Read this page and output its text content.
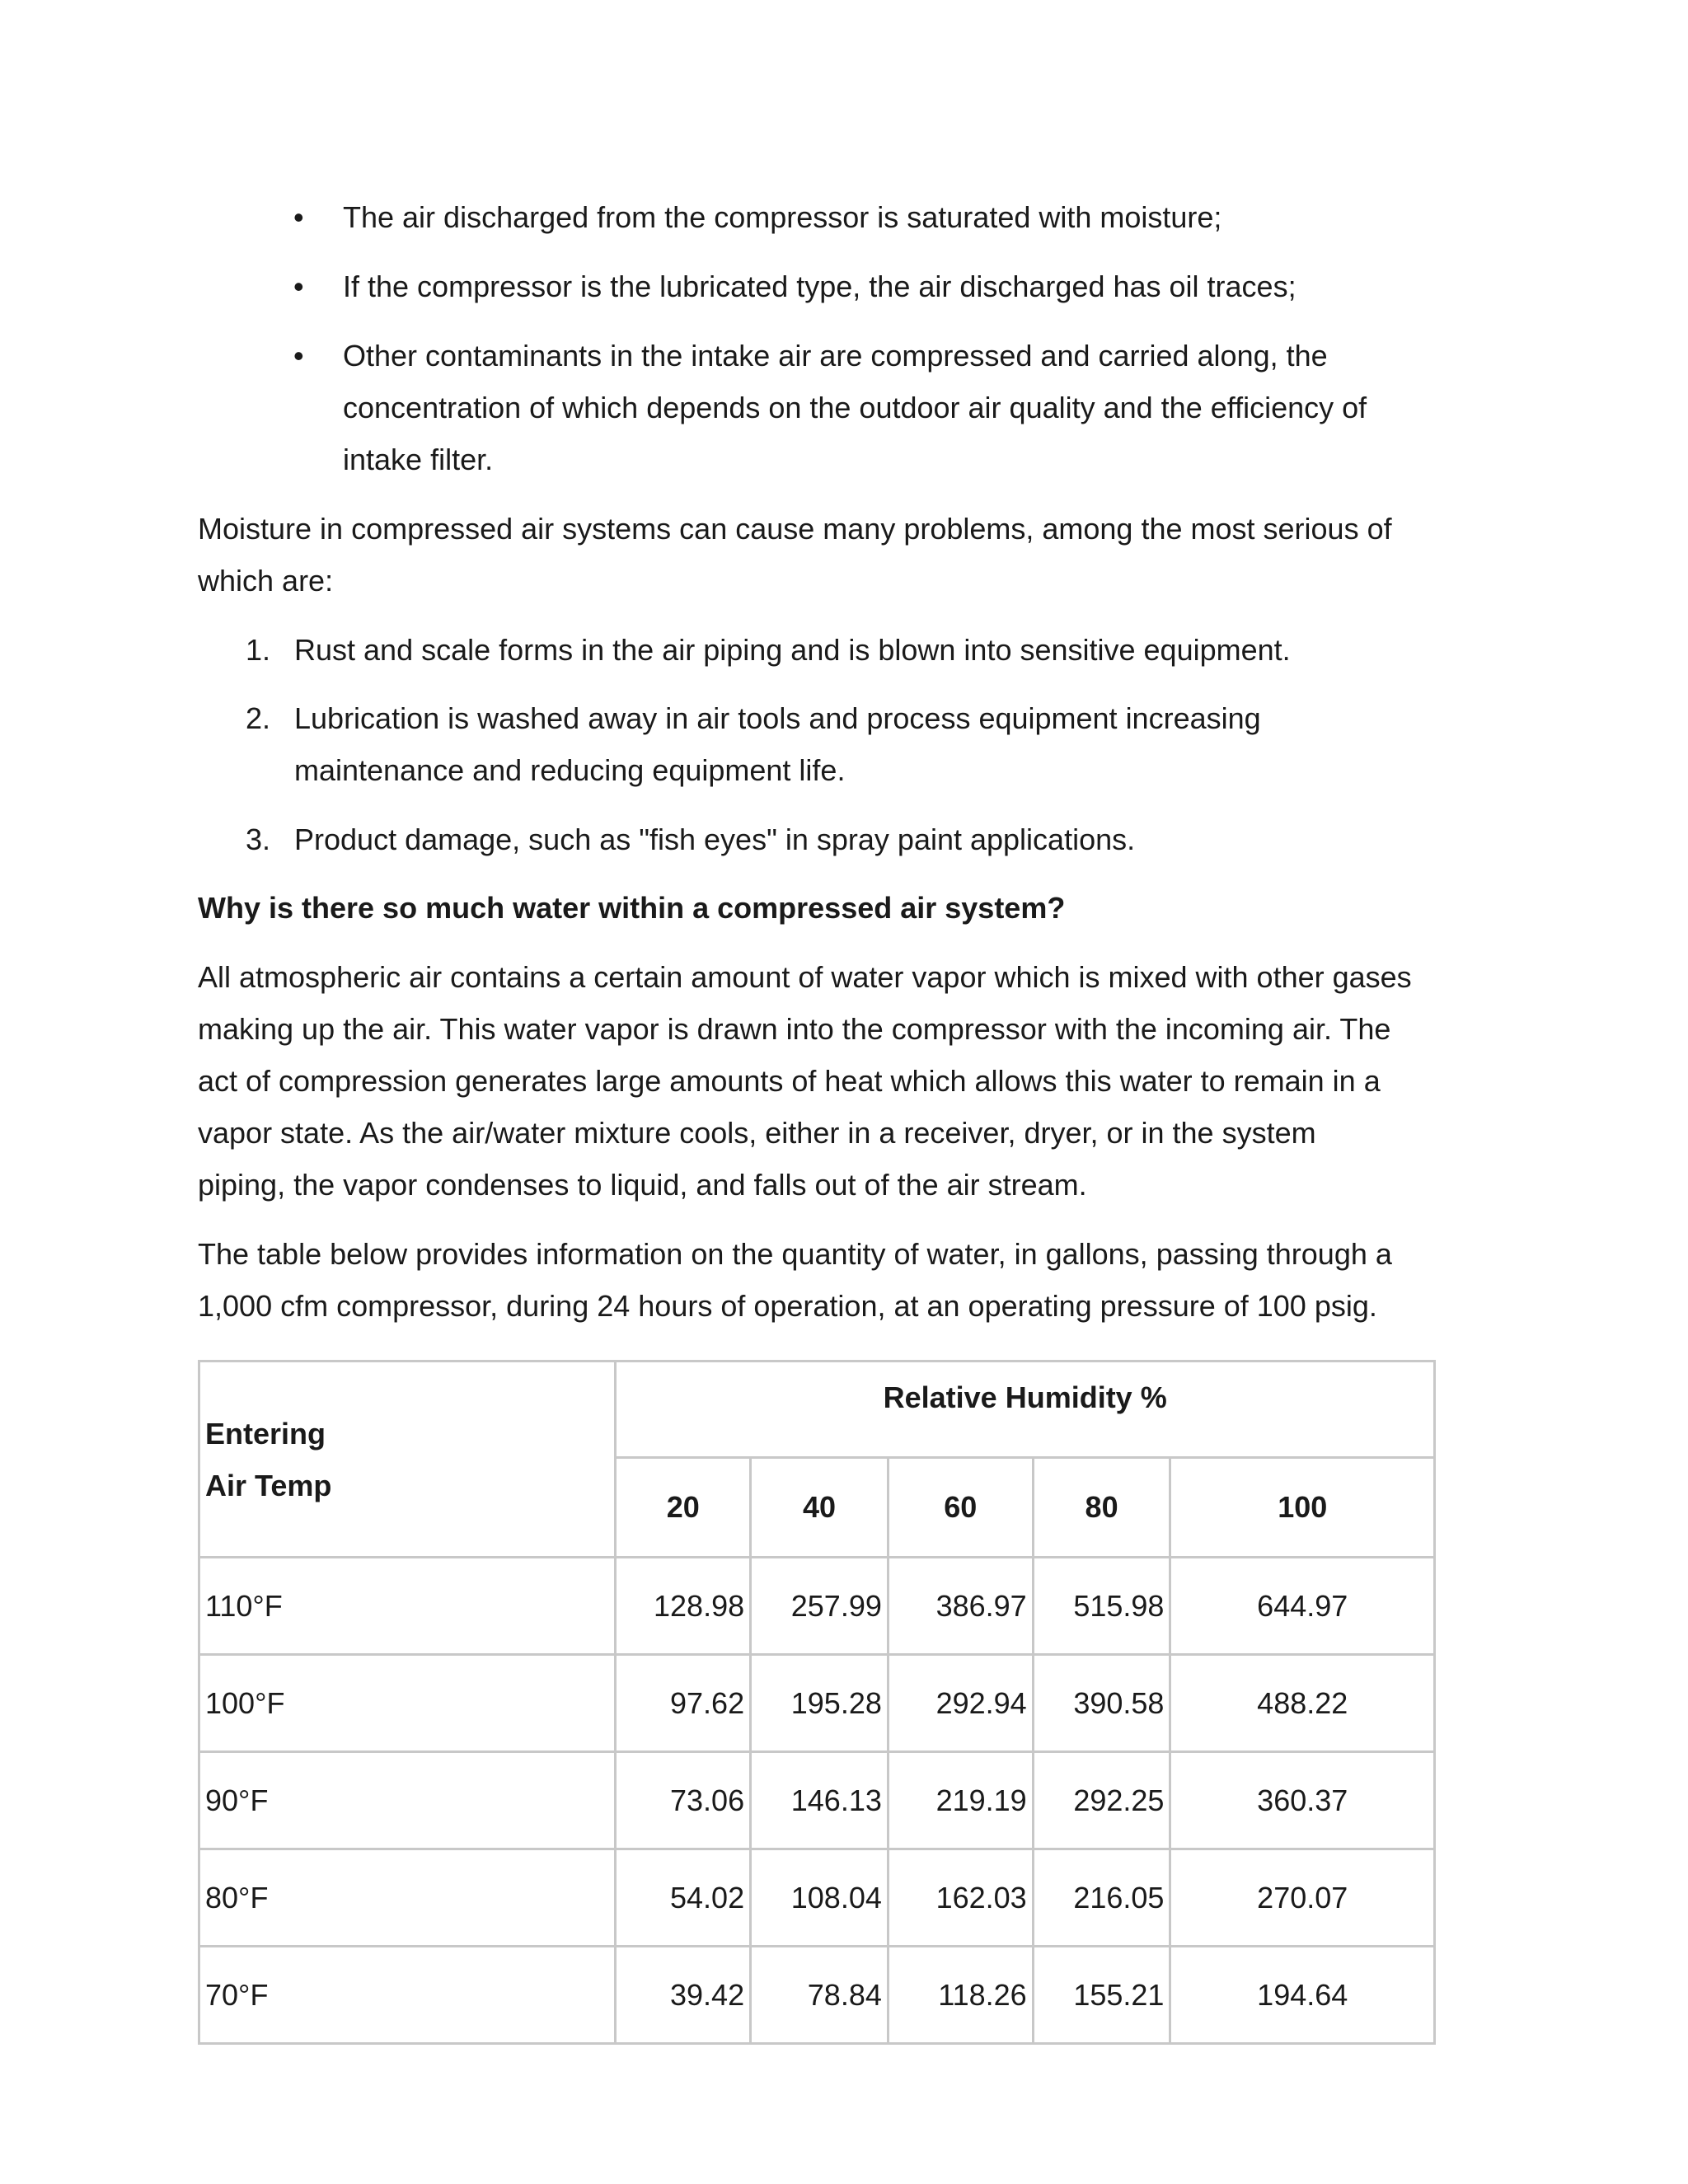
• The air discharged from the compressor is saturated with moisture;

• If the compressor is the lubricated type, the air discharged has oil traces;

• Other contaminants in the intake air are compressed and carried along, the

concentration of which depends on the outdoor air quality and the efficiency of

intake filter.

Moisture in compressed air systems can cause many problems, among the most serious of

which are:

1. Rust and scale forms in the air piping and is blown into sensitive equipment.

2. Lubrication is washed away in air tools and process equipment increasing

maintenance and reducing equipment life.

3. Product damage, such as "fish eyes" in spray paint applications.

Why is there so much water within a compressed air system?

All atmospheric air contains a certain amount of water vapor which is mixed with other gases

making up the air. This water vapor is drawn into the compressor with the incoming air. The

act of compression generates large amounts of heat which allows this water to remain in a

vapor state. As the air/water mixture cools, either in a receiver, dryer, or in the system

piping, the vapor condenses to liquid, and falls out of the air stream.

The table below provides information on the quantity of water, in gallons, passing through a

1,000 cfm compressor, during 24 hours of operation, at an operating pressure of 100 psig.

Entering
Air Temp	Relative Humidity %				
	20	40	60	80	100
110°F	128.98	257.99	386.97	515.98	644.97
100°F	97.62	195.28	292.94	390.58	488.22
90°F	73.06	146.13	219.19	292.25	360.37
80°F	54.02	108.04	162.03	216.05	270.07
70°F	39.42	78.84	118.26	155.21	194.64
